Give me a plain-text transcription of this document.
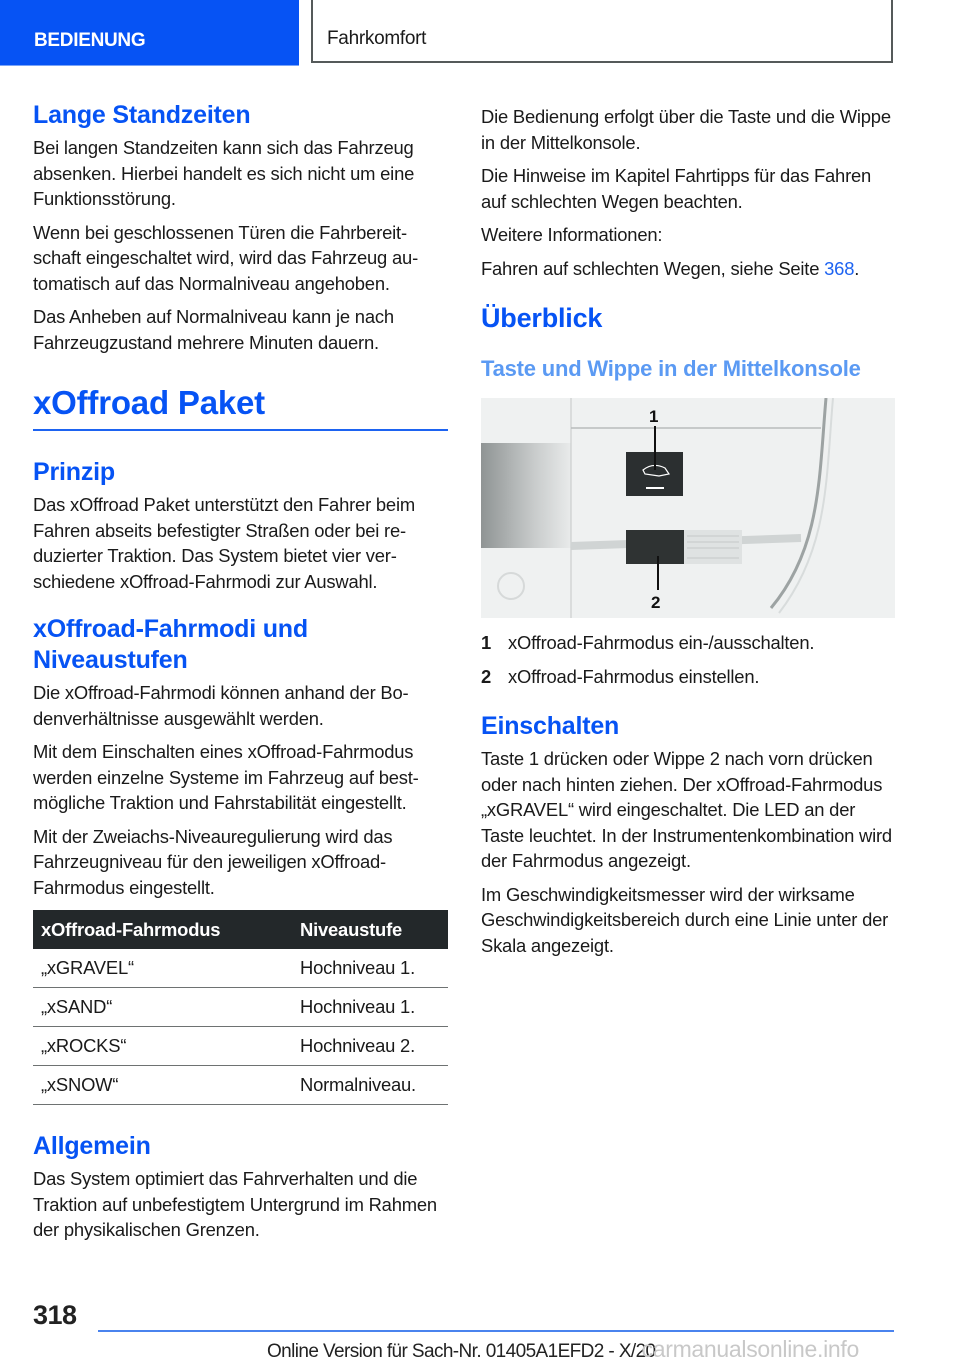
BEDIENUNG	Fahrkomfort
Lange Standzeiten

Bei langen Standzeiten kann sich das Fahrzeug absenken. Hierbei handelt es sich nicht um eine Funktionsstörung.

Wenn bei geschlossenen Türen die Fahrbereitschaft eingeschaltet wird, wird das Fahrzeug automatisch auf das Normalniveau angehoben.

Das Anheben auf Normalniveau kann je nach Fahrzeugzustand mehrere Minuten dauern.

xOffroad Paket
Prinzip

Das xOffroad Paket unterstützt den Fahrer beim Fahren abseits befestigter Straßen oder bei reduzierter Traktion. Das System bietet vier verschiedene xOffroad-Fahrmodi zur Auswahl.

xOffroad-Fahrmodi und Niveaustufen

Die xOffroad-Fahrmodi können anhand der Bodenverhältnisse ausgewählt werden.

Mit dem Einschalten eines xOffroad-Fahrmodus werden einzelne Systeme im Fahrzeug auf bestmögliche Traktion und Fahrstabilität eingestellt.

Mit der Zweiachs-Niveauregulierung wird das Fahrzeugniveau für den jeweiligen xOffroad-Fahrmodus eingestellt.

xOffroad-Fahrmodus	Niveaustufe
„xGRAVEL“	Hochniveau 1.
„xSAND“	Hochniveau 1.
„xROCKS“	Hochniveau 2.
„xSNOW“	Normalniveau.
Allgemein

Das System optimiert das Fahrverhalten und die Traktion auf unbefestigtem Untergrund im Rahmen der physikalischen Grenzen.

Die Bedienung erfolgt über die Taste und die Wippe in der Mittelkonsole.

Die Hinweise im Kapitel Fahrtipps für das Fahren auf schlechten Wegen beachten.

Weitere Informationen:

Fahren auf schlechten Wegen, siehe Seite 368.

Überblick
Taste und Wippe in der Mittelkonsole
1
2
1 xOffroad-Fahrmodus ein-/ausschalten.
2 xOffroad-Fahrmodus einstellen.
Einschalten

Taste 1 drücken oder Wippe 2 nach vorn drücken oder nach hinten ziehen. Der xOffroad-Fahrmodus „xGRAVEL“ wird eingeschaltet. Die LED an der Taste leuchtet. In der Instrumentenkombination wird der Fahrmodus angezeigt.

Im Geschwindigkeitsmesser wird der wirksame Geschwindigkeitsbereich durch eine Linie unter der Skala angezeigt.

318
Online Version für Sach-Nr. 01405A1EFD2 - X/20carmanualsonline.info
